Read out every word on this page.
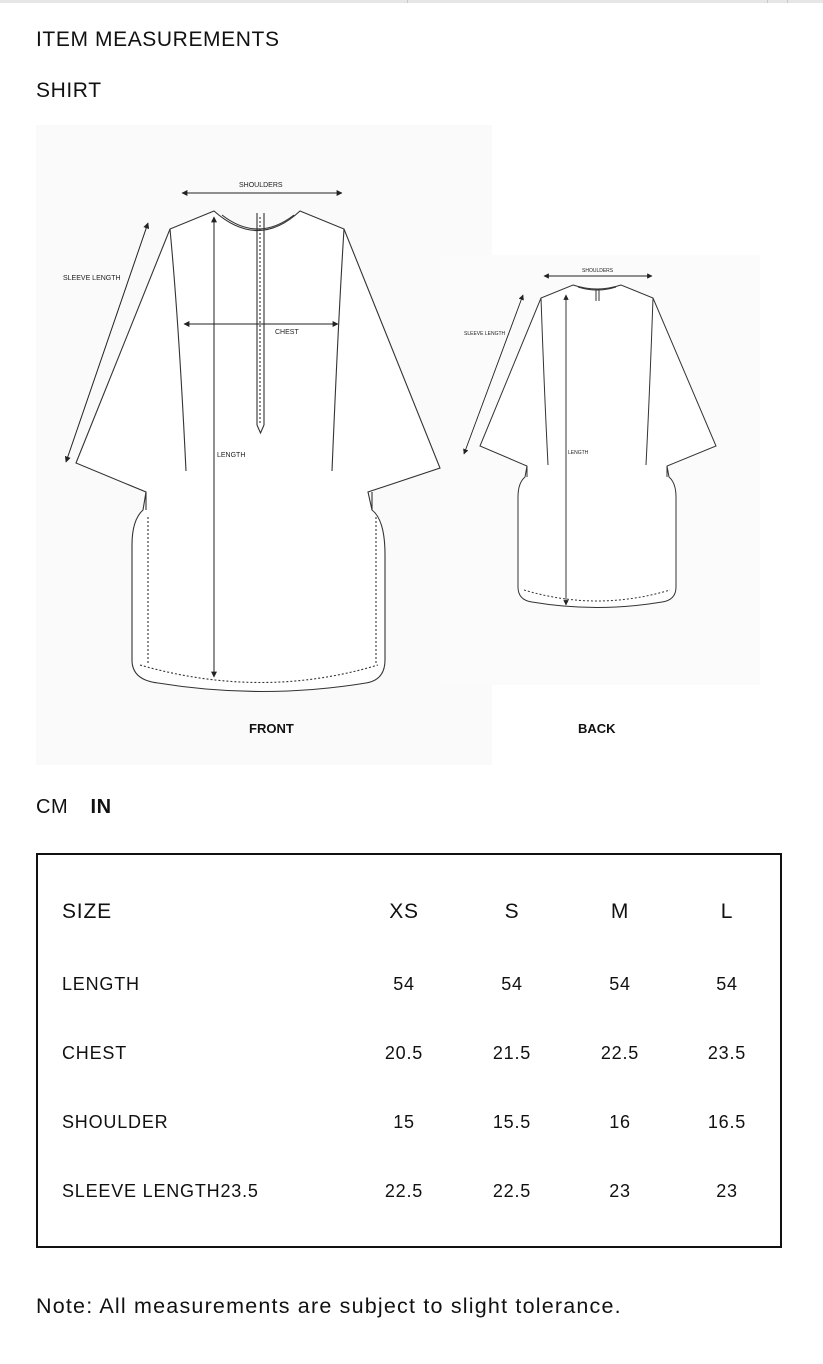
ITEM MEASUREMENTS
SHIRT
SHOULDERS
SLEEVE LENGTH
CHEST
LENGTH
SHOULDERS
SLEEVE LENGTH
LENGTH
FRONT	BACK
CM IN
SIZE	XS	S	M	L
LENGTH	54	54	54	54
CHEST	20.5	21.5	22.5	23.5
SHOULDER	15	15.5	16	16.5
SLEEVE LENGTH23.5	22.5	22.5	23	23
Note: All measurements are subject to slight tolerance.
